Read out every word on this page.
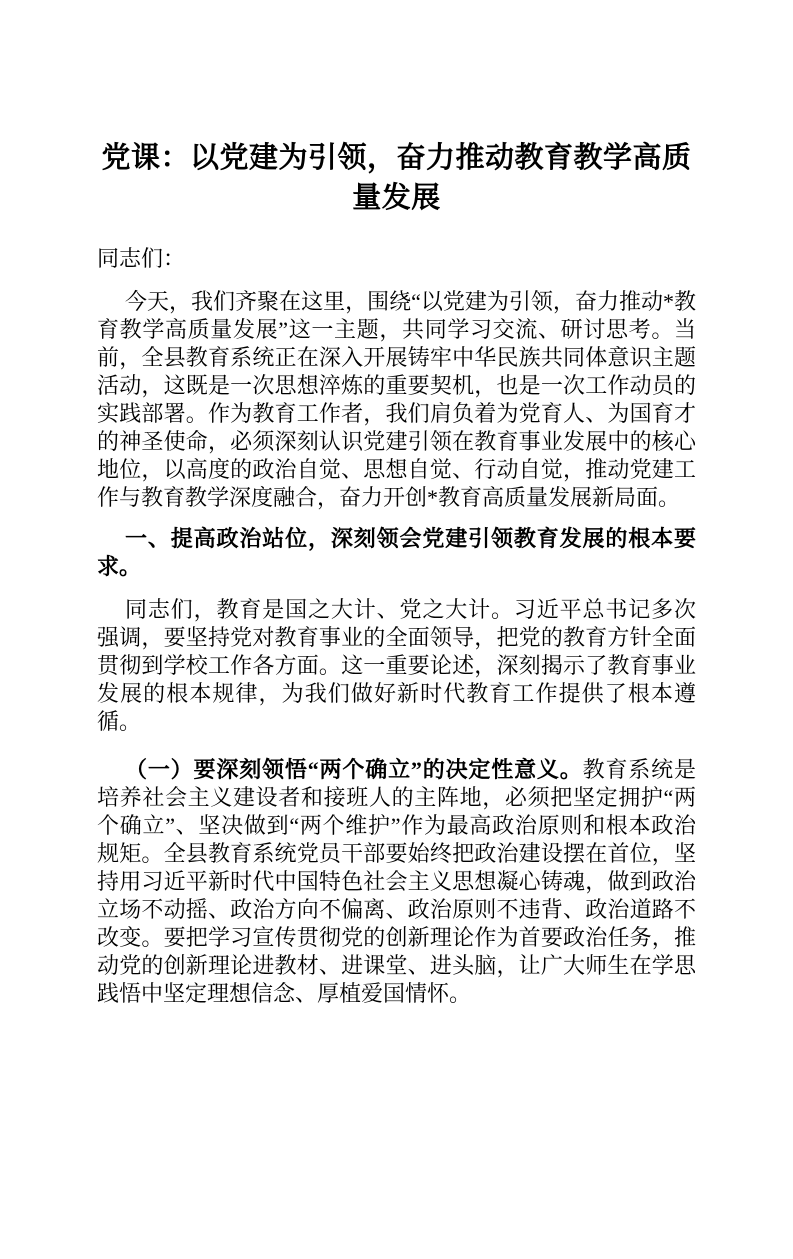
党课：以党建为引领，奋力推动教育教学高质量发展

同志们：

今天，我们齐聚在这里，围绕“以党建为引领，奋力推动*教育教学高质量发展”这一主题，共同学习交流、研讨思考。当前，全县教育系统正在深入开展铸牢中华民族共同体意识主题活动，这既是一次思想淬炼的重要契机，也是一次工作动员的实践部署。作为教育工作者，我们肩负着为党育人、为国育才的神圣使命，必须深刻认识党建引领在教育事业发展中的核心地位，以高度的政治自觉、思想自觉、行动自觉，推动党建工作与教育教学深度融合，奋力开创*教育高质量发展新局面。

一、提高政治站位，深刻领会党建引领教育发展的根本要求。

同志们，教育是国之大计、党之大计。习近平总书记多次强调，要坚持党对教育事业的全面领导，把党的教育方针全面贯彻到学校工作各方面。这一重要论述，深刻揭示了教育事业发展的根本规律，为我们做好新时代教育工作提供了根本遵循。

（一）要深刻领悟“两个确立”的决定性意义。教育系统是培养社会主义建设者和接班人的主阵地，必须把坚定拥护“两个确立”、坚决做到“两个维护”作为最高政治原则和根本政治规矩。全县教育系统党员干部要始终把政治建设摆在首位，坚持用习近平新时代中国特色社会主义思想凝心铸魂，做到政治立场不动摇、政治方向不偏离、政治原则不违背、政治道路不改变。要把学习宣传贯彻党的创新理论作为首要政治任务，推动党的创新理论进教材、进课堂、进头脑，让广大师生在学思践悟中坚定理想信念、厚植爱国情怀。
